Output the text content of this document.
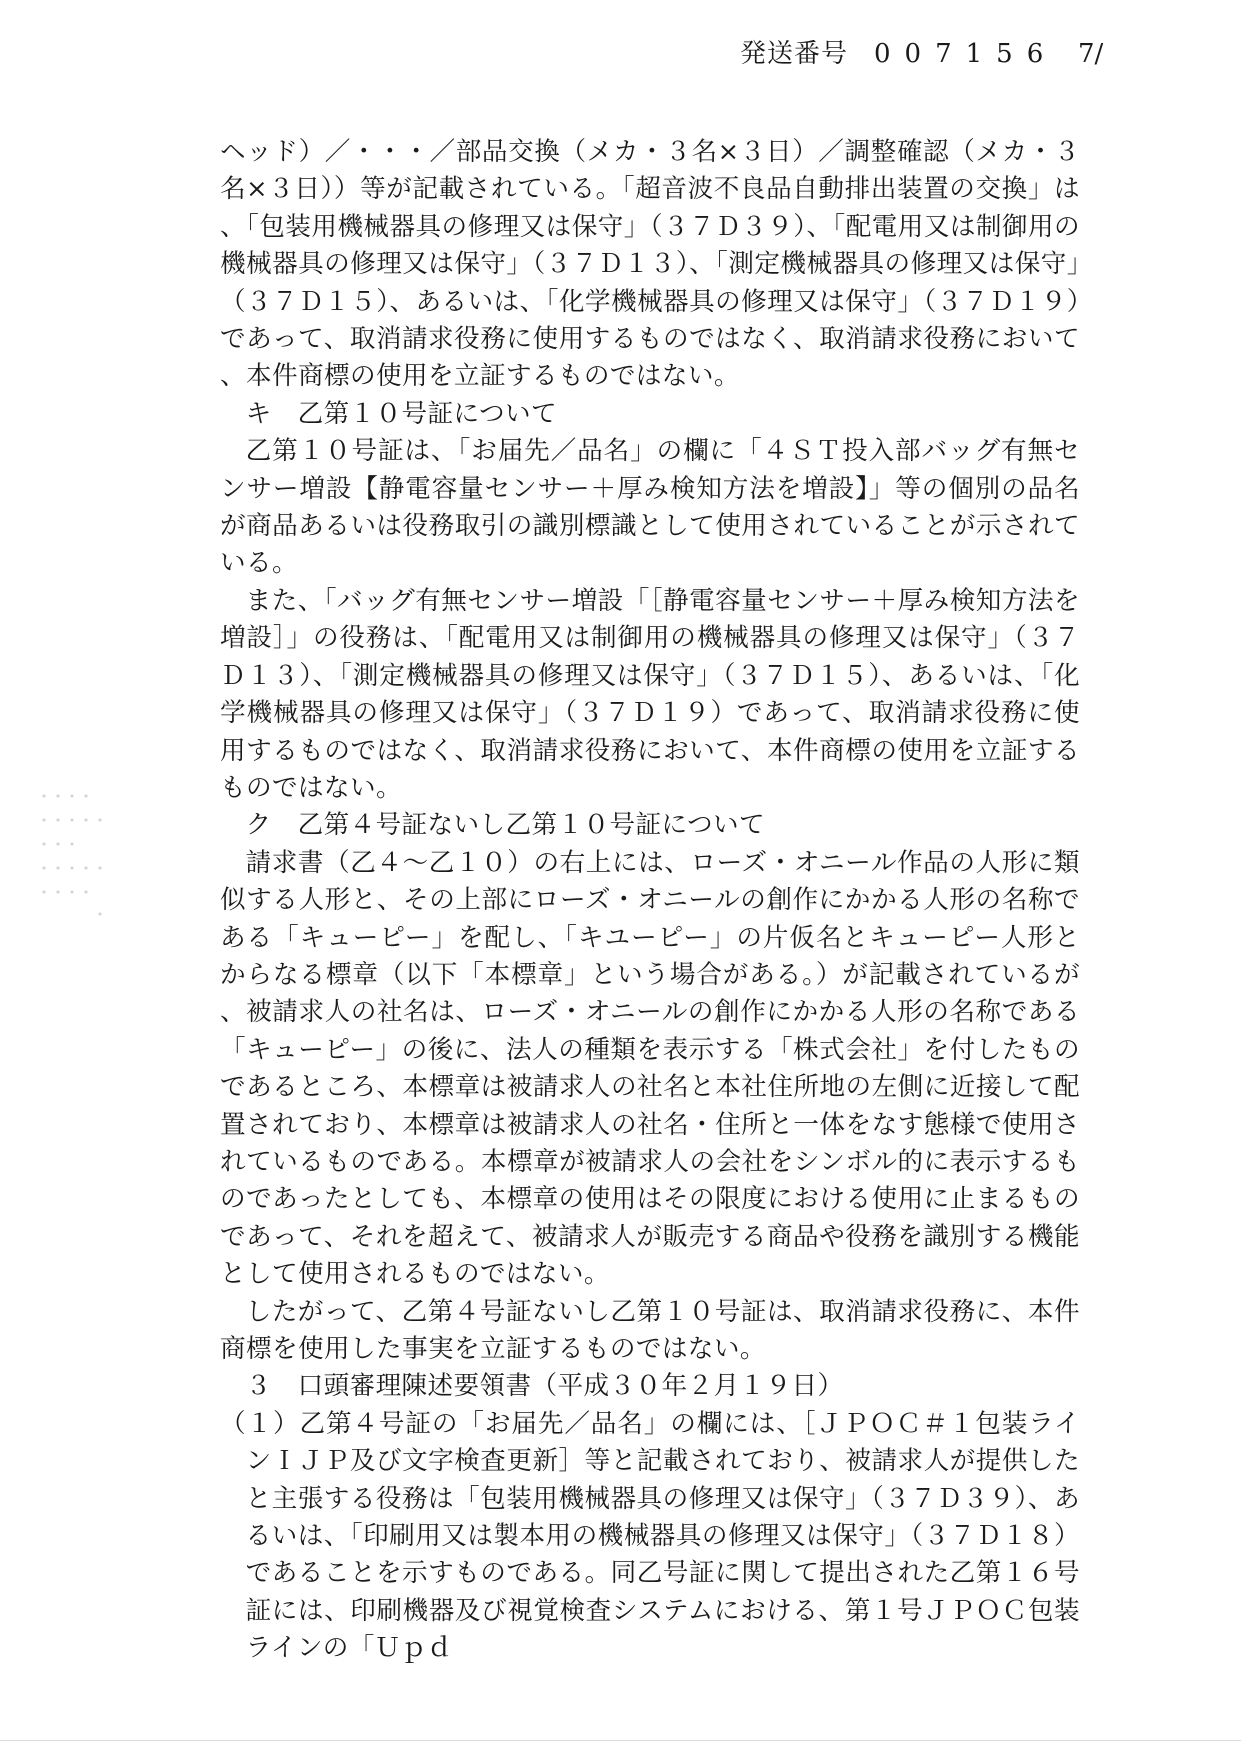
発送番号 007156 7/

ヘッド）／・・・／部品交換（メカ・３名×３日）／調整確認（メカ・３名×３日））等が記載されている。「超音波不良品自動排出装置の交換」は、「包装用機械器具の修理又は保守」（３７Ｄ３９）、「配電用又は制御用の機械器具の修理又は保守」（３７Ｄ１３）、「測定機械器具の修理又は保守」（３７Ｄ１５）、あるいは、「化学機械器具の修理又は保守」（３７Ｄ１９）であって、取消請求役務に使用するものではなく、取消請求役務において、本件商標の使用を立証するものではない。

キ　乙第１０号証について

乙第１０号証は、「お届先／品名」の欄に「４ＳＴ投入部バッグ有無センサー増設【静電容量センサー＋厚み検知方法を増設】」等の個別の品名が商品あるいは役務取引の識別標識として使用されていることが示されている。

また、「バッグ有無センサー増設「［静電容量センサー＋厚み検知方法を増設］」の役務は、「配電用又は制御用の機械器具の修理又は保守」（３７Ｄ１３）、「測定機械器具の修理又は保守」（３７Ｄ１５）、あるいは、「化学機械器具の修理又は保守」（３７Ｄ１９）であって、取消請求役務に使用するものではなく、取消請求役務において、本件商標の使用を立証するものではない。

ク　乙第４号証ないし乙第１０号証について

請求書（乙４～乙１０）の右上には、ローズ・オニール作品の人形に類似する人形と、その上部にローズ・オニールの創作にかかる人形の名称である「キューピー」を配し、「キユーピー」の片仮名とキューピー人形とからなる標章（以下「本標章」という場合がある。）が記載されているが、被請求人の社名は、ローズ・オニールの創作にかかる人形の名称である「キューピー」の後に、法人の種類を表示する「株式会社」を付したものであるところ、本標章は被請求人の社名と本社住所地の左側に近接して配置されており、本標章は被請求人の社名・住所と一体をなす態様で使用されているものである。本標章が被請求人の会社をシンボル的に表示するものであったとしても、本標章の使用はその限度における使用に止まるものであって、それを超えて、被請求人が販売する商品や役務を識別する機能として使用されるものではない。

したがって、乙第４号証ないし乙第１０号証は、取消請求役務に、本件商標を使用した事実を立証するものではない。

３　口頭審理陳述要領書（平成３０年２月１９日）

（１）乙第４号証の「お届先／品名」の欄には、［ＪＰＯＣ＃１包装ラインＩＪＰ及び文字検査更新］等と記載されており、被請求人が提供したと主張する役務は「包装用機械器具の修理又は保守」（３７Ｄ３９）、あるいは、「印刷用又は製本用の機械器具の修理又は保守」（３７Ｄ１８）であることを示すものである。同乙号証に関して提出された乙第１６号証には、印刷機器及び視覚検査システムにおける、第１号ＪＰＯＣ包装ラインの「Ｕｐｄ
